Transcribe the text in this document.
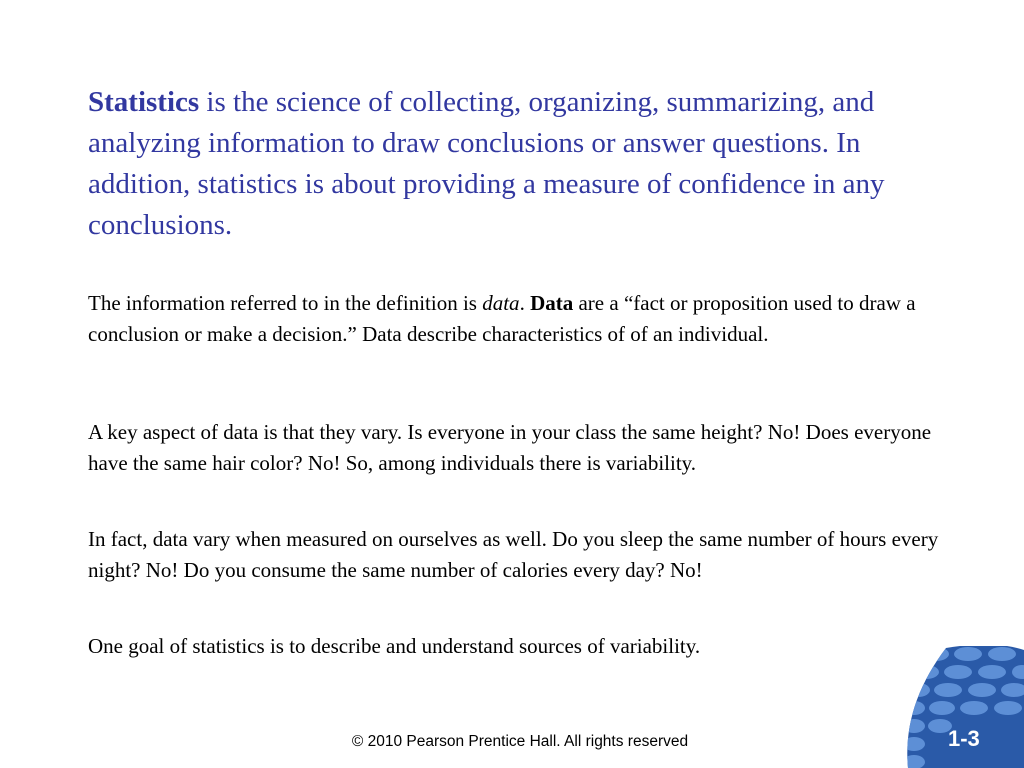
Statistics is the science of collecting, organizing, summarizing, and analyzing information to draw conclusions or answer questions. In addition, statistics is about providing a measure of confidence in any conclusions.

The information referred to in the definition is data. Data are a “fact or proposition used to draw a conclusion or make a decision.” Data describe characteristics of of an individual.

A key aspect of data is that they vary. Is everyone in your class the same height? No! Does everyone have the same hair color? No! So, among individuals there is variability.

In fact, data vary when measured on ourselves as well. Do you sleep the same number of hours every night? No! Do you consume the same number of calories every day? No!

One goal of statistics is to describe and understand sources of variability.

© 2010 Pearson Prentice Hall. All rights reserved	1-3
